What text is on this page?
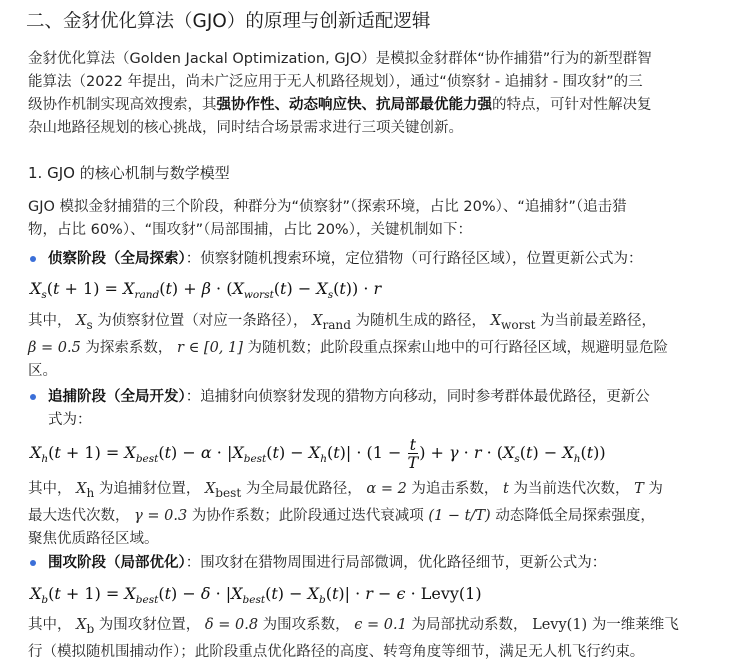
二、金豺优化算法（GJO）的原理与创新适配逻辑
金豺优化算法（Golden Jackal Optimization, GJO）是模拟金豺群体“协作捕猎”行为的新型群智
能算法（2022 年提出，尚未广泛应用于无人机路径规划），通过“侦察豺 - 追捕豺 - 围攻豺”的三
级协作机制实现高效搜索，其强协作性、动态响应快、抗局部最优能力强的特点，可针对性解决复
杂山地路径规划的核心挑战，同时结合场景需求进行三项关键创新。
1. GJO 的核心机制与数学模型
GJO 模拟金豺捕猎的三个阶段，种群分为“侦察豺”（探索环境，占比 20%）、“追捕豺”（追击猎
物，占比 60%）、“围攻豺”（局部围捕，占比 20%），关键机制如下：
侦察阶段（全局探索）：侦察豺随机搜索环境，定位猎物（可行路径区域），位置更新公式为：
$X_s(t + 1) = X_{rand}(t) + \beta \cdot (X_{worst}(t) - X_s(t)) \cdot r$
其中， $X_s$ 为侦察豺位置（对应一条路径）， $X_{rand}$ 为随机生成的路径， $X_{worst}$ 为当前最差路径，
β = 0.5 为探索系数， r ∈ [0, 1] 为随机数；此阶段重点探索山地中的可行路径区域，规避明显危险
区。
追捕阶段（全局开发）：追捕豺向侦察豺发现的猎物方向移动，同时参考群体最优路径，更新公
式为：
$X_h(t + 1) = X_{best}(t) - \alpha \cdot |X_{best}(t) - X_h(t)| \cdot (1 - \frac{t}{T}$ ) + $\gamma \cdot r \cdot (X_s(t) - X_h(t))$
其中， $X_h$ 为追捕豺位置， $X_{best}$ 为全局最优路径， α = 2 为追击系数， t 为当前迭代次数， T 为
最大迭代次数， γ = 0.3 为协作系数；此阶段通过迭代衰减项 (1 − t/T) 动态降低全局探索强度，
聚焦优质路径区域。
围攻阶段（局部优化）：围攻豺在猎物周围进行局部微调，优化路径细节，更新公式为：
$X_b(t + 1) = X_{best}(t) - \delta \cdot |X_{best}(t) - X_b(t)| \cdot r - \epsilon$ · Levy(1)
其中， $X_b$ 为围攻豺位置， δ = 0.8 为围攻系数， ϵ = 0.1 为局部扰动系数， Levy(1) 为一维莱维飞
行（模拟随机围捕动作）；此阶段重点优化路径的高度、转弯角度等细节，满足无人机飞行约束。
